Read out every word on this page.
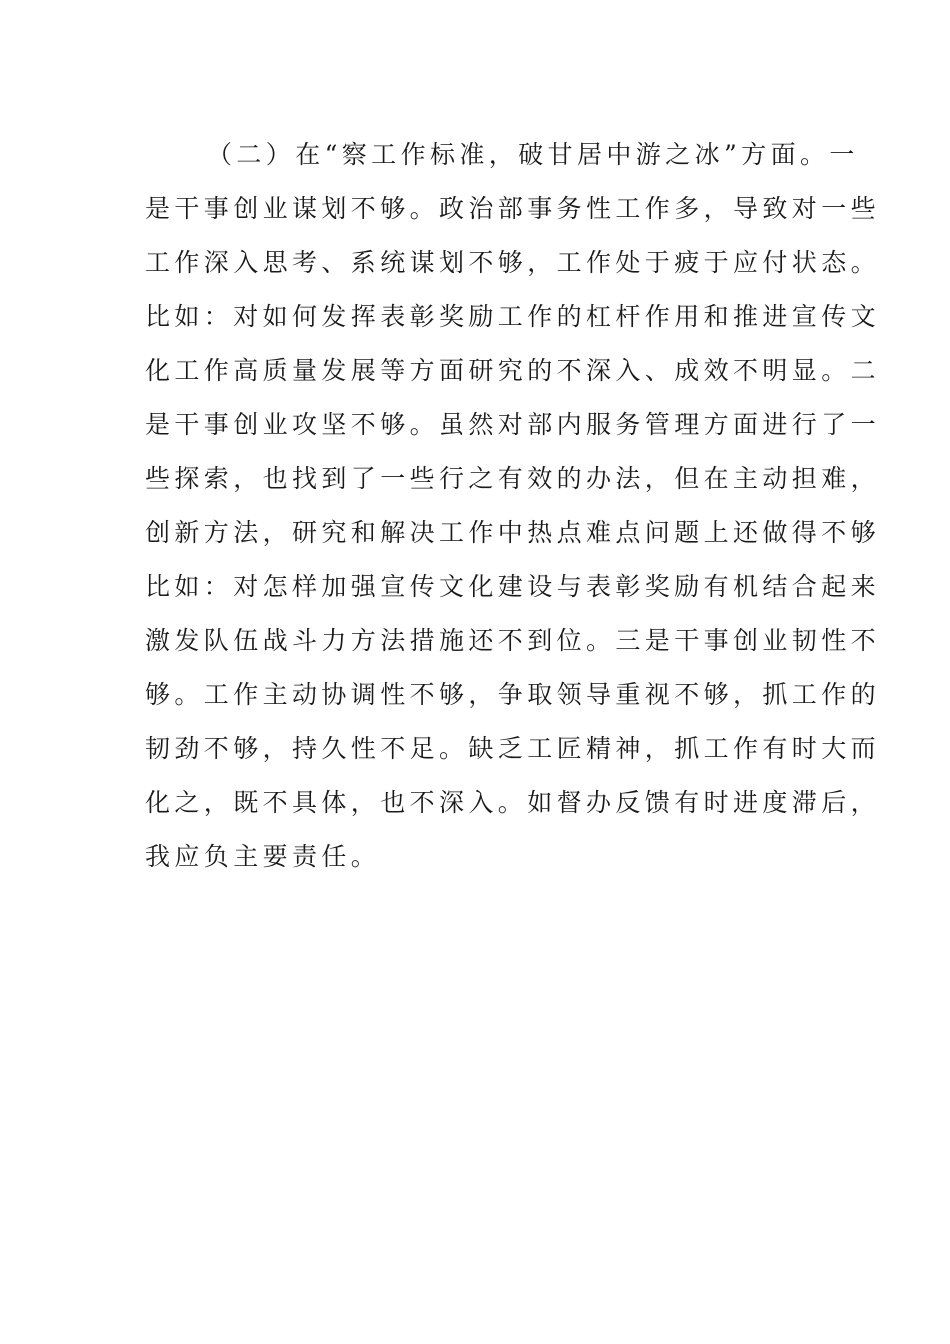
（二）在“察工作标准，破甘居中游之冰”方面。一
是干事创业谋划不够。政治部事务性工作多，导致对一些
工作深入思考、系统谋划不够，工作处于疲于应付状态。
比如：对如何发挥表彰奖励工作的杠杆作用和推进宣传文
化工作高质量发展等方面研究的不深入、成效不明显。二
是干事创业攻坚不够。虽然对部内服务管理方面进行了一
些探索，也找到了一些行之有效的办法，但在主动担难，
创新方法，研究和解决工作中热点难点问题上还做得不够
比如：对怎样加强宣传文化建设与表彰奖励有机结合起来
激发队伍战斗力方法措施还不到位。三是干事创业韧性不
够。工作主动协调性不够，争取领导重视不够，抓工作的
韧劲不够，持久性不足。缺乏工匠精神，抓工作有时大而
化之，既不具体，也不深入。如督办反馈有时进度滞后，
我应负主要责任。
